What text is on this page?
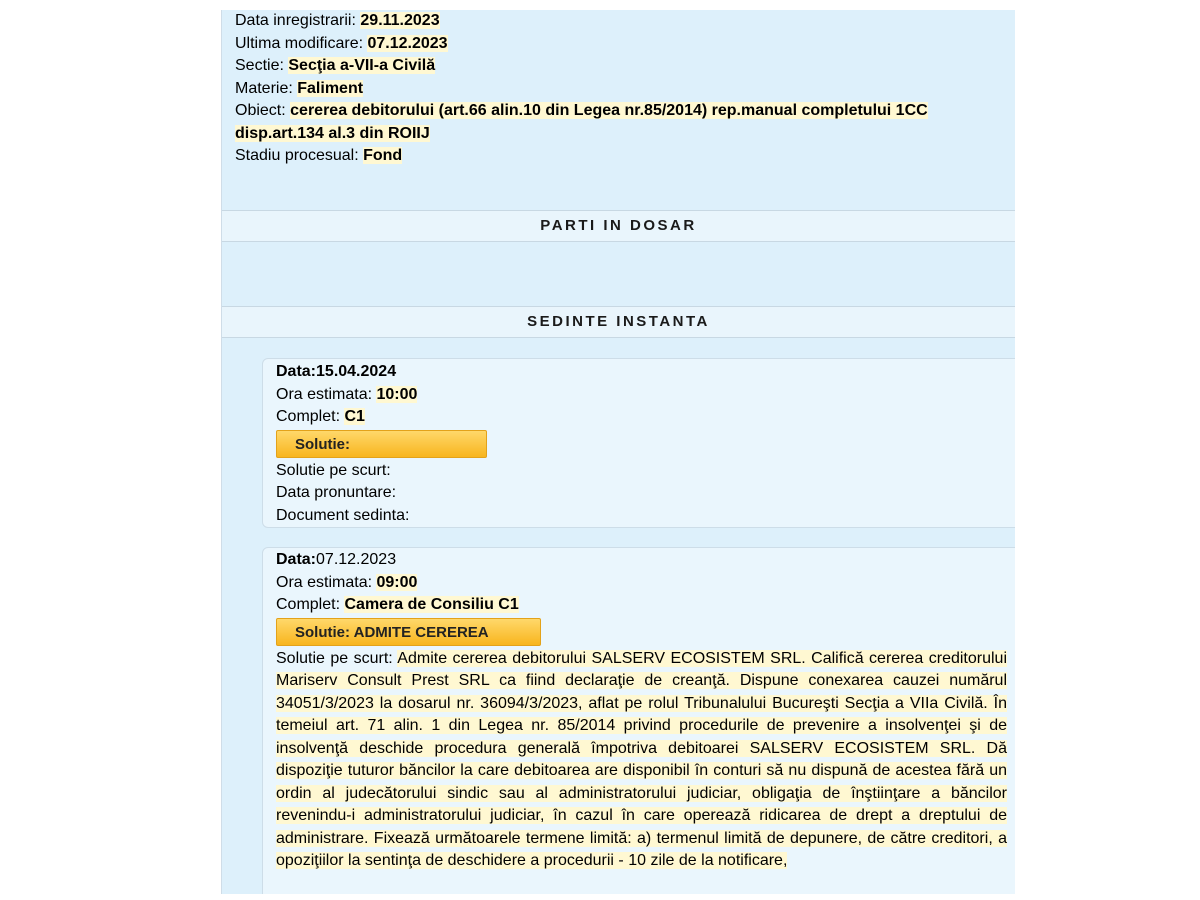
Data inregistrarii: 29.11.2023
Ultima modificare: 07.12.2023
Sectie: Secţia a-VII-a Civilă
Materie: Faliment
Obiect: cererea debitorului (art.66 alin.10 din Legea nr.85/2014) rep.manual completului 1CC
disp.art.134 al.3 din ROIIJ
Stadiu procesual: Fond
PARTI IN DOSAR
SEDINTE INSTANTA
Data:15.04.2024
Ora estimata: 10:00
Complet: C1
Solutie:
Solutie pe scurt:
Data pronuntare:
Document sedinta:
Data:07.12.2023
Ora estimata: 09:00
Complet: Camera de Consiliu C1
Solutie: ADMITE CEREREA
Solutie pe scurt: Admite cererea debitorului SALSERV ECOSISTEM SRL. Califică cererea creditorului Mariserv Consult Prest SRL ca fiind declaraţie de creanţă. Dispune conexarea cauzei numărul 34051/3/2023 la dosarul nr. 36094/3/2023, aflat pe rolul Tribunalului Bucureşti Secţia a VIIa Civilă. În temeiul art. 71 alin. 1 din Legea nr. 85/2014 privind procedurile de prevenire a insolvenţei şi de insolvenţă deschide procedura generală împotriva debitoarei SALSERV ECOSISTEM SRL. Dă dispoziţie tuturor băncilor la care debitoarea are disponibil în conturi să nu dispună de acestea fără un ordin al judecătorului sindic sau al administratorului judiciar, obligaţia de înştiinţare a băncilor revenindu-i administratorului judiciar, în cazul în care operează ridicarea de drept a dreptului de administrare. Fixează următoarele termene limită: a) termenul limită de depunere, de către creditori, a opoziţiilor la sentinţa de deschidere a procedurii - 10 zile de la notificare,
